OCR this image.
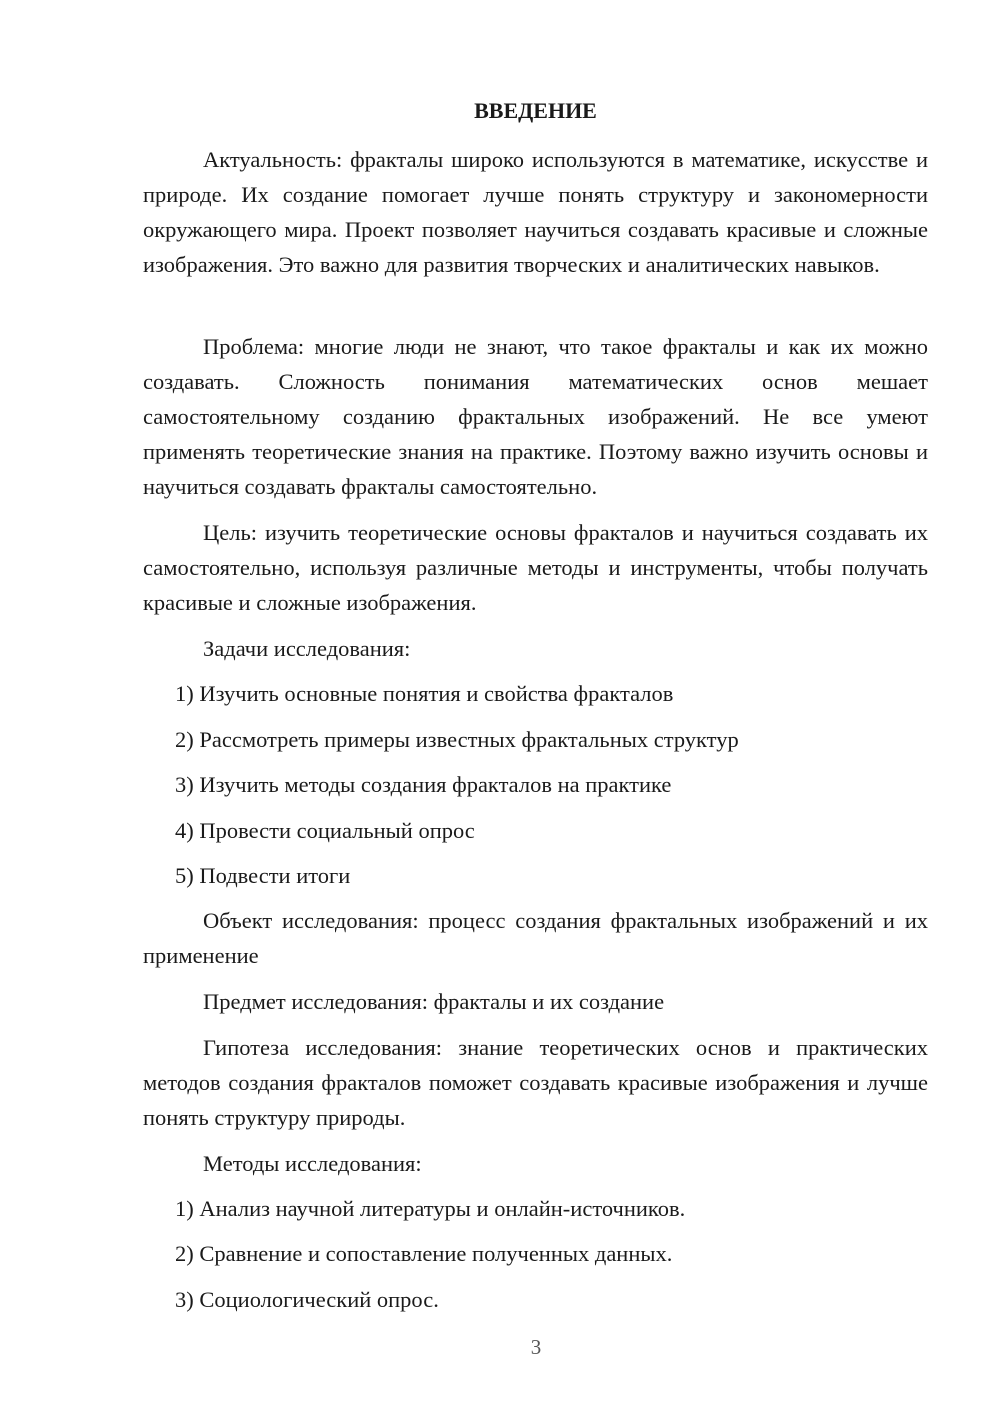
ВВЕДЕНИЕ

Актуальность: фракталы широко используются в математике, искусстве и природе. Их создание помогает лучше понять структуру и закономерности окружающего мира. Проект позволяет научиться создавать красивые и сложные изображения. Это важно для развития творческих и аналитических навыков.

Проблема: многие люди не знают, что такое фракталы и как их можно создавать. Сложность понимания математических основ мешает самостоятельному созданию фрактальных изображений. Не все умеют применять теоретические знания на практике. Поэтому важно изучить основы и научиться создавать фракталы самостоятельно.

Цель: изучить теоретические основы фракталов и научиться создавать их самостоятельно, используя различные методы и инструменты, чтобы получать красивые и сложные изображения.

Задачи исследования:

1) Изучить основные понятия и свойства фракталов

2) Рассмотреть примеры известных фрактальных структур

3) Изучить методы создания фракталов на практике

4) Провести социальный опрос

5) Подвести итоги

Объект исследования: процесс создания фрактальных изображений и их применение

Предмет исследования: фракталы и их создание

Гипотеза исследования: знание теоретических основ и практических методов создания фракталов поможет создавать красивые изображения и лучше понять структуру природы.

Методы исследования:

1) Анализ научной литературы и онлайн-источников.

2) Сравнение и сопоставление полученных данных.

3) Социологический опрос.

3
